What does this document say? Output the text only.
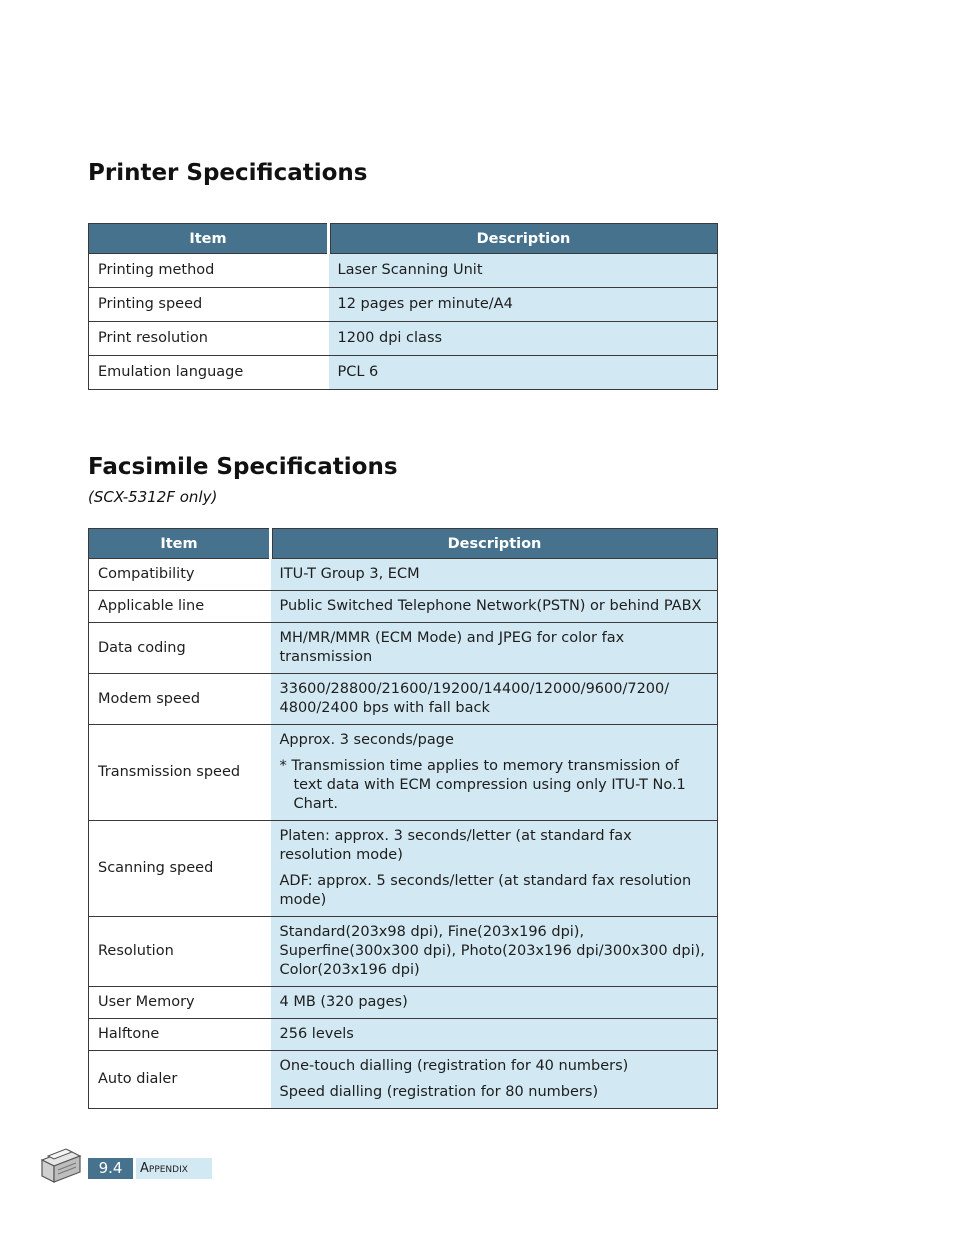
Printer Specifications
Item	Description
Printing method	Laser Scanning Unit

Printing speed	12 pages per minute/A4

Print resolution	1200 dpi class

Emulation language	PCL 6
Facsimile Specifications

(SCX-5312F only)

Item	Description
Compatibility	ITU-T Group 3, ECM

Applicable line	Public Switched Telephone Network(PSTN) or behind PABX

Data coding	MH/MR/MMR (ECM Mode) and JPEG for color fax transmission

Modem speed	33600/28800/21600/19200/14400/12000/9600/7200/ 4800/2400 bps with fall back

Transmission speed	Approx. 3 seconds/page
* Transmission time applies to memory transmission of text data with ECM compression using only ITU-T No.1 Chart.

Scanning speed	Platen: approx. 3 seconds/letter (at standard fax resolution mode)
ADF: approx. 5 seconds/letter (at standard fax resolution mode)

Resolution	Standard(203x98 dpi), Fine(203x196 dpi), Superfine(300x300 dpi), Photo(203x196 dpi/300x300 dpi), Color(203x196 dpi)

User Memory	4 MB (320 pages)

Halftone	256 levels

Auto dialer	One-touch dialling (registration for 40 numbers)
Speed dialling (registration for 80 numbers)
9.4	Appendix
